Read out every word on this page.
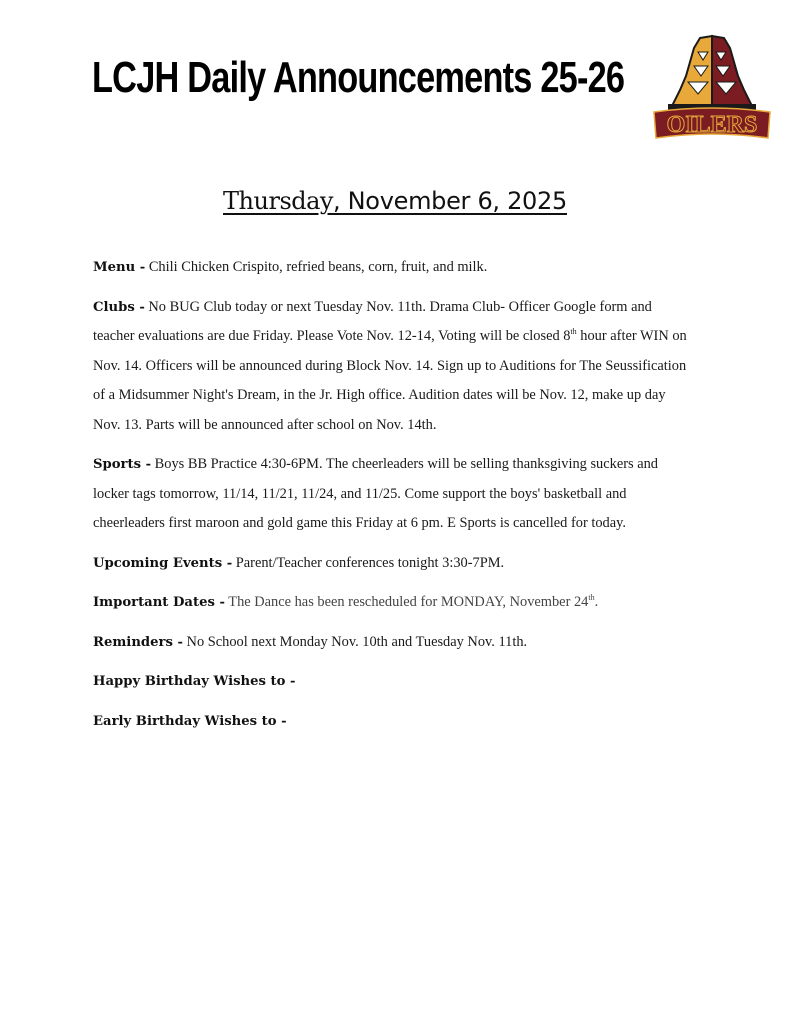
LCJH Daily Announcements 25-26
OILERS
Thursday, November 6, 2025

Menu - Chili Chicken Crispito, refried beans, corn, fruit, and milk.

Clubs - No BUG Club today or next Tuesday Nov. 11th. Drama Club- Officer Google form and teacher evaluations are due Friday. Please Vote Nov. 12-14, Voting will be closed 8th hour after WIN on Nov. 14. Officers will be announced during Block Nov. 14. Sign up to Auditions for The Seussification of a Midsummer Night's Dream, in the Jr. High office. Audition dates will be Nov. 12, make up day Nov. 13. Parts will be announced after school on Nov. 14th.

Sports - Boys BB Practice 4:30-6PM. The cheerleaders will be selling thanksgiving suckers and locker tags tomorrow, 11/14, 11/21, 11/24, and 11/25. Come support the boys' basketball and cheerleaders first maroon and gold game this Friday at 6 pm. E Sports is cancelled for today.

Upcoming Events - Parent/Teacher conferences tonight 3:30-7PM.

Important Dates - The Dance has been rescheduled for MONDAY, November 24th.

Reminders - No School next Monday Nov. 10th and Tuesday Nov. 11th.

Happy Birthday Wishes to -

Early Birthday Wishes to -
